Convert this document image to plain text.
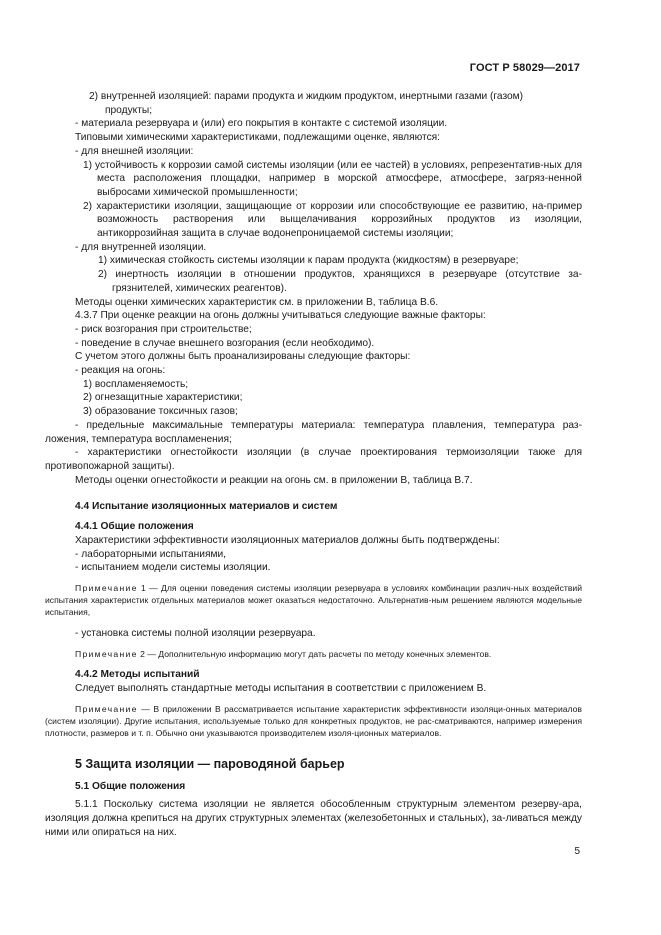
ГОСТ Р 58029—2017

2) внутренней изоляцией: парами продукта и жидким продуктом, инертными газами (газом)

продукты;

- материала резервуара и (или) его покрытия в контакте с системой изоляции.

Типовыми химическими характеристиками, подлежащими оценке, являются:

- для внешней изоляции:

1) устойчивость к коррозии самой системы изоляции (или ее частей) в условиях, репрезентатив-ных для места расположения площадки, например в морской атмосфере, атмосфере, загряз-ненной выбросами химической промышленности;

2) характеристики изоляции, защищающие от коррозии или способствующие ее развитию, на-пример возможность растворения или выщелачивания коррозийных продуктов из изоляции, антикоррозийная защита в случае водонепроницаемой системы изоляции;

- для внутренней изоляции.

1) химическая стойкость системы изоляции к парам продукта (жидкостям) в резервуаре;

2) инертность изоляции в отношении продуктов, хранящихся в резервуаре (отсутствие за-грязнителей, химических реагентов).

Методы оценки химических характеристик см. в приложении В, таблица В.6.

4.3.7 При оценке реакции на огонь должны учитываться следующие важные факторы:

- риск возгорания при строительстве;

- поведение в случае внешнего возгорания (если необходимо).

С учетом этого должны быть проанализированы следующие факторы:

- реакция на огонь:

1) воспламеняемость;

2) огнезащитные характеристики;

3) образование токсичных газов;

- предельные максимальные температуры материала: температура плавления, температура раз-ложения, температура воспламенения;

- характеристики огнестойкости изоляции (в случае проектирования термоизоляции также для противопожарной защиты).

Методы оценки огнестойкости и реакции на огонь см. в приложении В, таблица В.7.

4.4 Испытание изоляционных материалов и систем

4.4.1 Общие положения

Характеристики эффективности изоляционных материалов должны быть подтверждены:

- лабораторными испытаниями,

- испытанием модели системы изоляции.

Примечание 1 — Для оценки поведения системы изоляции резервуара в условиях комбинации различ-ных воздействий испытания характеристик отдельных материалов может оказаться недостаточно. Альтернатив-ным решением являются модельные испытания,

- установка системы полной изоляции резервуара.

Примечание 2 — Дополнительную информацию могут дать расчеты по методу конечных элементов.

4.4.2 Методы испытаний

Следует выполнять стандартные методы испытания в соответствии с приложением В.

Примечание — В приложении В рассматривается испытание характеристик эффективности изоляци-онных материалов (систем изоляции). Другие испытания, используемые только для конкретных продуктов, не рас-сматриваются, например измерения плотности, размеров и т. п. Обычно они указываются производителем изоля-ционных материалов.

5 Защита изоляции — пароводяной барьер

5.1 Общие положения

5.1.1 Поскольку система изоляции не является обособленным структурным элементом резерву-ара, изоляция должна крепиться на других структурных элементах (железобетонных и стальных), за-ливаться между ними или опираться на них.

5
